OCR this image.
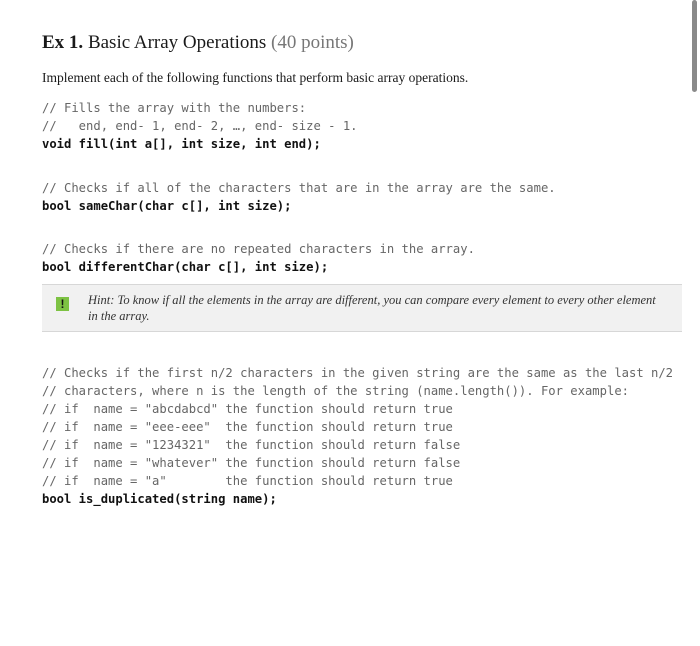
Ex 1. Basic Array Operations (40 points)
Implement each of the following functions that perform basic array operations.
// Fills the array with the numbers:
//   end, end- 1, end- 2, …, end- size - 1.
void fill(int a[], int size, int end);
// Checks if all of the characters that are in the array are the same.
bool sameChar(char c[], int size);
// Checks if there are no repeated characters in the array.
bool differentChar(char c[], int size);
!	Hint: To know if all the elements in the array are different, you can compare every element to every other element in the array.
// Checks if the first n/2 characters in the given string are the same as the last n/2
// characters, where n is the length of the string (name.length()). For example:
// if  name = "abcdabcd" the function should return true
// if  name = "eee-eee"  the function should return true
// if  name = "1234321"  the function should return false
// if  name = "whatever" the function should return false
// if  name = "a"        the function should return true
bool is_duplicated(string name);
